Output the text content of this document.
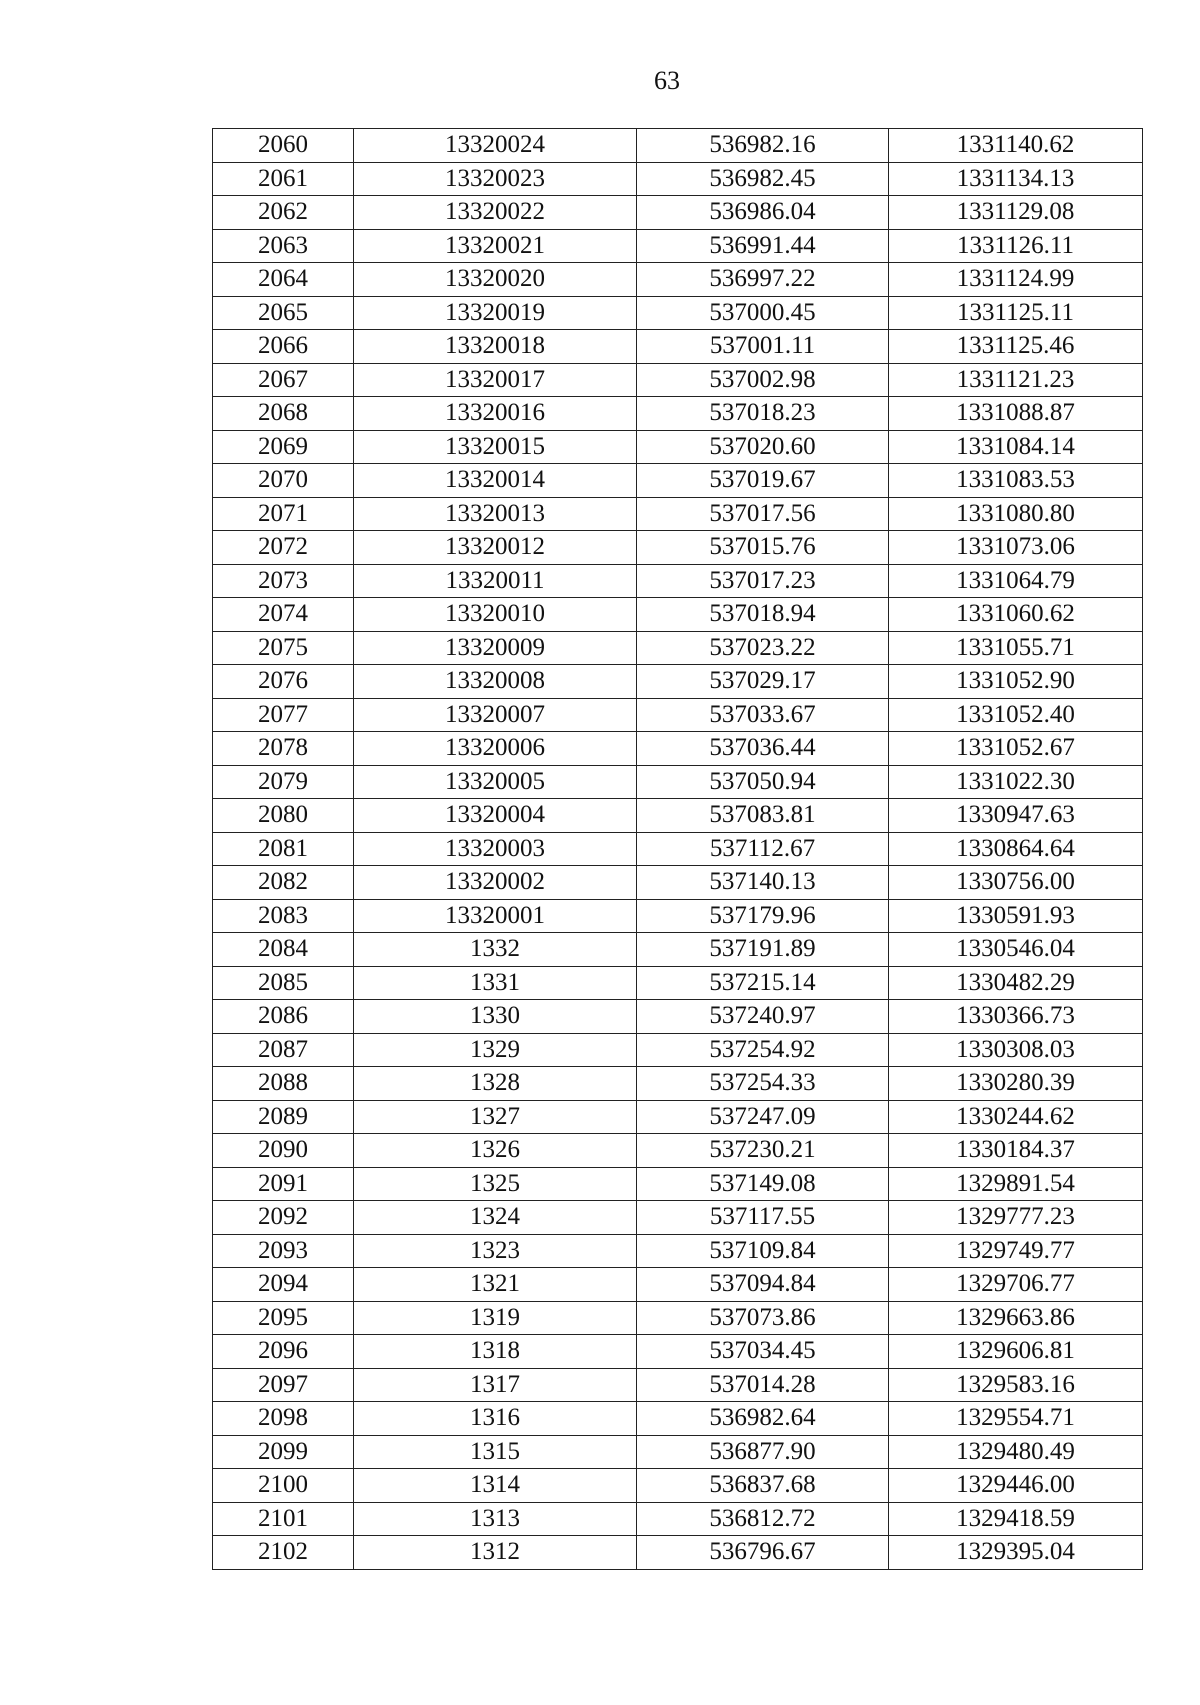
63
2060	13320024	536982.16	1331140.62
2061	13320023	536982.45	1331134.13
2062	13320022	536986.04	1331129.08
2063	13320021	536991.44	1331126.11
2064	13320020	536997.22	1331124.99
2065	13320019	537000.45	1331125.11
2066	13320018	537001.11	1331125.46
2067	13320017	537002.98	1331121.23
2068	13320016	537018.23	1331088.87
2069	13320015	537020.60	1331084.14
2070	13320014	537019.67	1331083.53
2071	13320013	537017.56	1331080.80
2072	13320012	537015.76	1331073.06
2073	13320011	537017.23	1331064.79
2074	13320010	537018.94	1331060.62
2075	13320009	537023.22	1331055.71
2076	13320008	537029.17	1331052.90
2077	13320007	537033.67	1331052.40
2078	13320006	537036.44	1331052.67
2079	13320005	537050.94	1331022.30
2080	13320004	537083.81	1330947.63
2081	13320003	537112.67	1330864.64
2082	13320002	537140.13	1330756.00
2083	13320001	537179.96	1330591.93
2084	1332	537191.89	1330546.04
2085	1331	537215.14	1330482.29
2086	1330	537240.97	1330366.73
2087	1329	537254.92	1330308.03
2088	1328	537254.33	1330280.39
2089	1327	537247.09	1330244.62
2090	1326	537230.21	1330184.37
2091	1325	537149.08	1329891.54
2092	1324	537117.55	1329777.23
2093	1323	537109.84	1329749.77
2094	1321	537094.84	1329706.77
2095	1319	537073.86	1329663.86
2096	1318	537034.45	1329606.81
2097	1317	537014.28	1329583.16
2098	1316	536982.64	1329554.71
2099	1315	536877.90	1329480.49
2100	1314	536837.68	1329446.00
2101	1313	536812.72	1329418.59
2102	1312	536796.67	1329395.04
